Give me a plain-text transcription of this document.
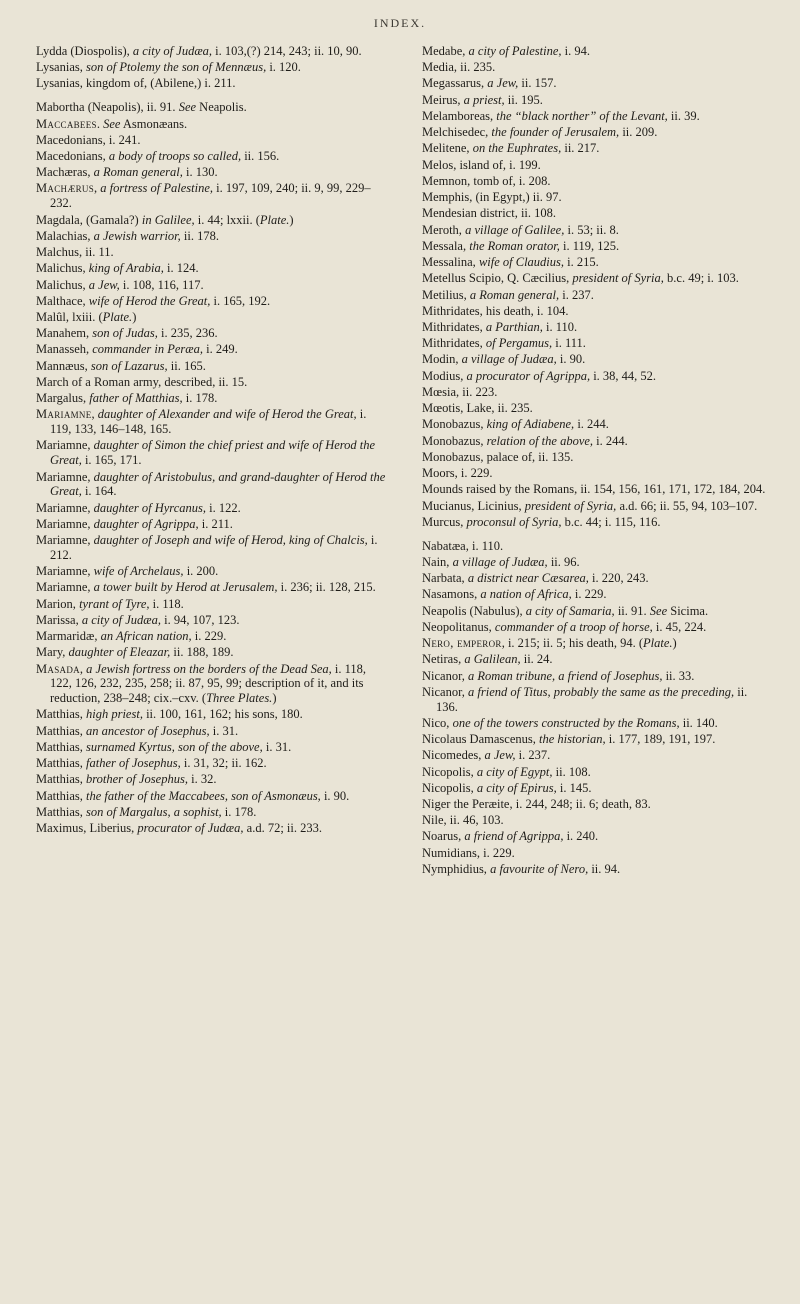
INDEX.
Lydda (Diospolis), a city of Judæa, i. 103,(?) 214, 243; ii. 10, 90.
Lysanias, son of Ptolemy the son of Mennæus, i. 120.
Lysanias, kingdom of, (Abilene,) i. 211.
Mabortha (Neapolis), ii. 91. See Neapolis.
Maccabees. See Asmonæans.
Macedonians, i. 241.
Macedonians, a body of troops so called, ii. 156.
Machæras, a Roman general, i. 130.
Machærus, a fortress of Palestine, i. 197, 109, 240; ii. 9, 99, 229–232.
Magdala, (Gamala?) in Galilee, i. 44; lxxii. (Plate.)
Malachias, a Jewish warrior, ii. 178.
Malchus, ii. 11.
Malichus, king of Arabia, i. 124.
Malichus, a Jew, i. 108, 116, 117.
Malthace, wife of Herod the Great, i. 165, 192.
Malûl, lxiii. (Plate.)
Manahem, son of Judas, i. 235, 236.
Manasseh, commander in Peræa, i. 249.
Mannæus, son of Lazarus, ii. 165.
March of a Roman army, described, ii. 15.
Margalus, father of Matthias, i. 178.
Mariamne, daughter of Alexander and wife of Herod the Great, i. 119, 133, 146–148, 165.
Mariamne, daughter of Simon the chief priest and wife of Herod the Great, i. 165, 171.
Mariamne, daughter of Aristobulus, and grand-daughter of Herod the Great, i. 164.
Mariamne, daughter of Hyrcanus, i. 122.
Mariamne, daughter of Agrippa, i. 211.
Mariamne, daughter of Joseph and wife of Herod, king of Chalcis, i. 212.
Mariamne, wife of Archelaus, i. 200.
Mariamne, a tower built by Herod at Jerusalem, i. 236; ii. 128, 215.
Marion, tyrant of Tyre, i. 118.
Marissa, a city of Judæa, i. 94, 107, 123.
Marmaridæ, an African nation, i. 229.
Mary, daughter of Eleazar, ii. 188, 189.
Masada, a Jewish fortress on the borders of the Dead Sea, i. 118, 122, 126, 232, 235, 258; ii. 87, 95, 99; description of it, and its reduction, 238–248; cix.–cxv. (Three Plates.)
Matthias, high priest, ii. 100, 161, 162; his sons, 180.
Matthias, an ancestor of Josephus, i. 31.
Matthias, surnamed Kyrtus, son of the above, i. 31.
Matthias, father of Josephus, i. 31, 32; ii. 162.
Matthias, brother of Josephus, i. 32.
Matthias, the father of the Maccabees, son of Asmonæus, i. 90.
Matthias, son of Margalus, a sophist, i. 178.
Maximus, Liberius, procurator of Judæa, a.d. 72; ii. 233.
Medabe, a city of Palestine, i. 94.
Media, ii. 235.
Megassarus, a Jew, ii. 157.
Meirus, a priest, ii. 195.
Melamboreas, the “black norther” of the Levant, ii. 39.
Melchisedec, the founder of Jerusalem, ii. 209.
Melitene, on the Euphrates, ii. 217.
Melos, island of, i. 199.
Memnon, tomb of, i. 208.
Memphis, (in Egypt,) ii. 97.
Mendesian district, ii. 108.
Meroth, a village of Galilee, i. 53; ii. 8.
Messala, the Roman orator, i. 119, 125.
Messalina, wife of Claudius, i. 215.
Metellus Scipio, Q. Cæcilius, president of Syria, b.c. 49; i. 103.
Metilius, a Roman general, i. 237.
Mithridates, his death, i. 104.
Mithridates, a Parthian, i. 110.
Mithridates, of Pergamus, i. 111.
Modin, a village of Judæa, i. 90.
Modius, a procurator of Agrippa, i. 38, 44, 52.
Mœsia, ii. 223.
Mœotis, Lake, ii. 235.
Monobazus, king of Adiabene, i. 244.
Monobazus, relation of the above, i. 244.
Monobazus, palace of, ii. 135.
Moors, i. 229.
Mounds raised by the Romans, ii. 154, 156, 161, 171, 172, 184, 204.
Mucianus, Licinius, president of Syria, a.d. 66; ii. 55, 94, 103–107.
Murcus, proconsul of Syria, b.c. 44; i. 115, 116.
Nabatæa, i. 110.
Nain, a village of Judæa, ii. 96.
Narbata, a district near Cæsarea, i. 220, 243.
Nasamons, a nation of Africa, i. 229.
Neapolis (Nabulus), a city of Samaria, ii. 91. See Sicima.
Neopolitanus, commander of a troop of horse, i. 45, 224.
Nero, emperor, i. 215; ii. 5; his death, 94. (Plate.)
Netiras, a Galilean, ii. 24.
Nicanor, a Roman tribune, a friend of Josephus, ii. 33.
Nicanor, a friend of Titus, probably the same as the preceding, ii. 136.
Nico, one of the towers constructed by the Romans, ii. 140.
Nicolaus Damascenus, the historian, i. 177, 189, 191, 197.
Nicomedes, a Jew, i. 237.
Nicopolis, a city of Egypt, ii. 108.
Nicopolis, a city of Epirus, i. 145.
Niger the Peræite, i. 244, 248; ii. 6; death, 83.
Nile, ii. 46, 103.
Noarus, a friend of Agrippa, i. 240.
Numidians, i. 229.
Nymphidius, a favourite of Nero, ii. 94.
